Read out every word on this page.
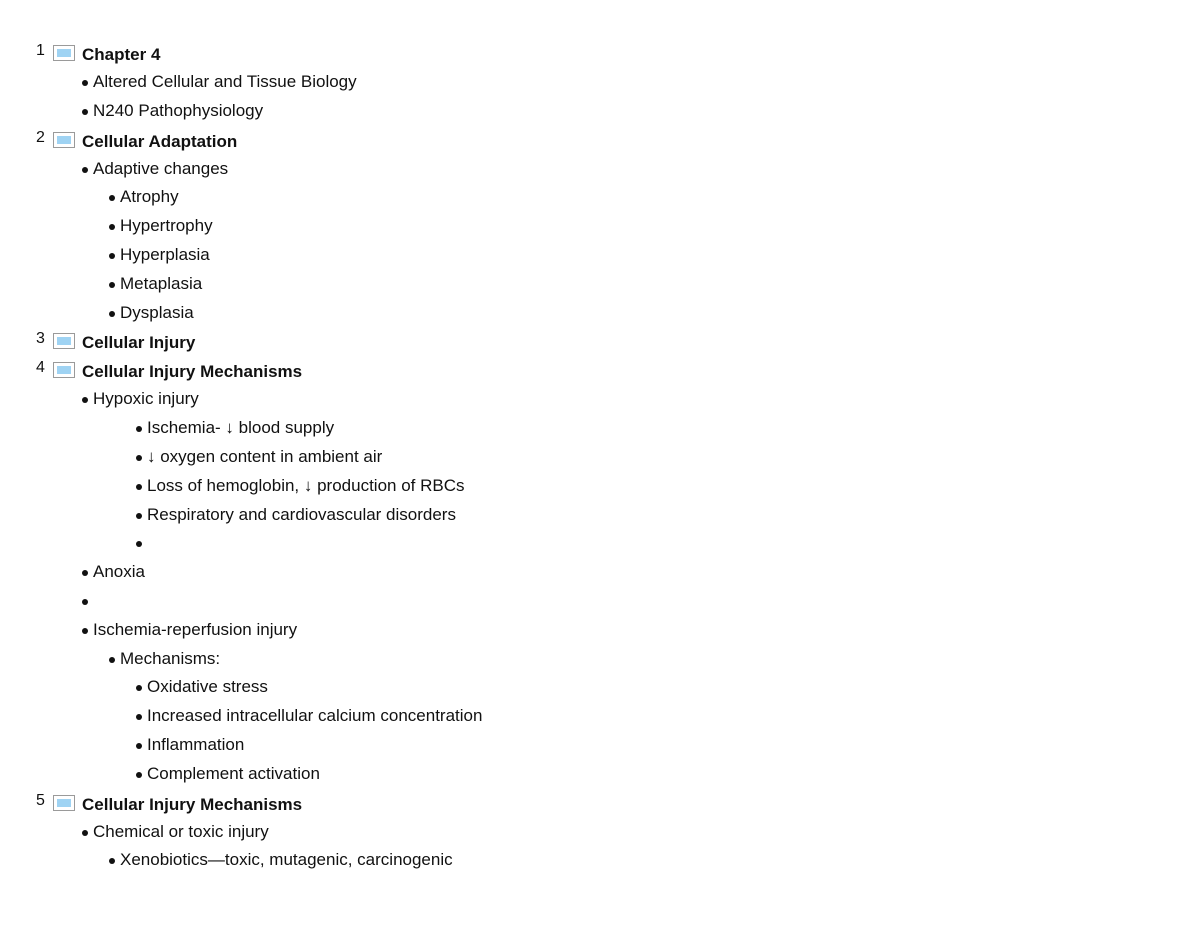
1 Chapter 4
Altered Cellular and Tissue Biology
N240 Pathophysiology
2 Cellular Adaptation
Adaptive changes
Atrophy
Hypertrophy
Hyperplasia
Metaplasia
Dysplasia
3 Cellular Injury
4 Cellular Injury Mechanisms
Hypoxic injury
Ischemia- ↓ blood supply
↓ oxygen content in ambient air
Loss of hemoglobin, ↓ production of RBCs
Respiratory and cardiovascular disorders
Anoxia
Ischemia-reperfusion injury
Mechanisms:
Oxidative stress
Increased intracellular calcium concentration
Inflammation
Complement activation
5 Cellular Injury Mechanisms
Chemical or toxic injury
Xenobiotics—toxic, mutagenic, carcinogenic
